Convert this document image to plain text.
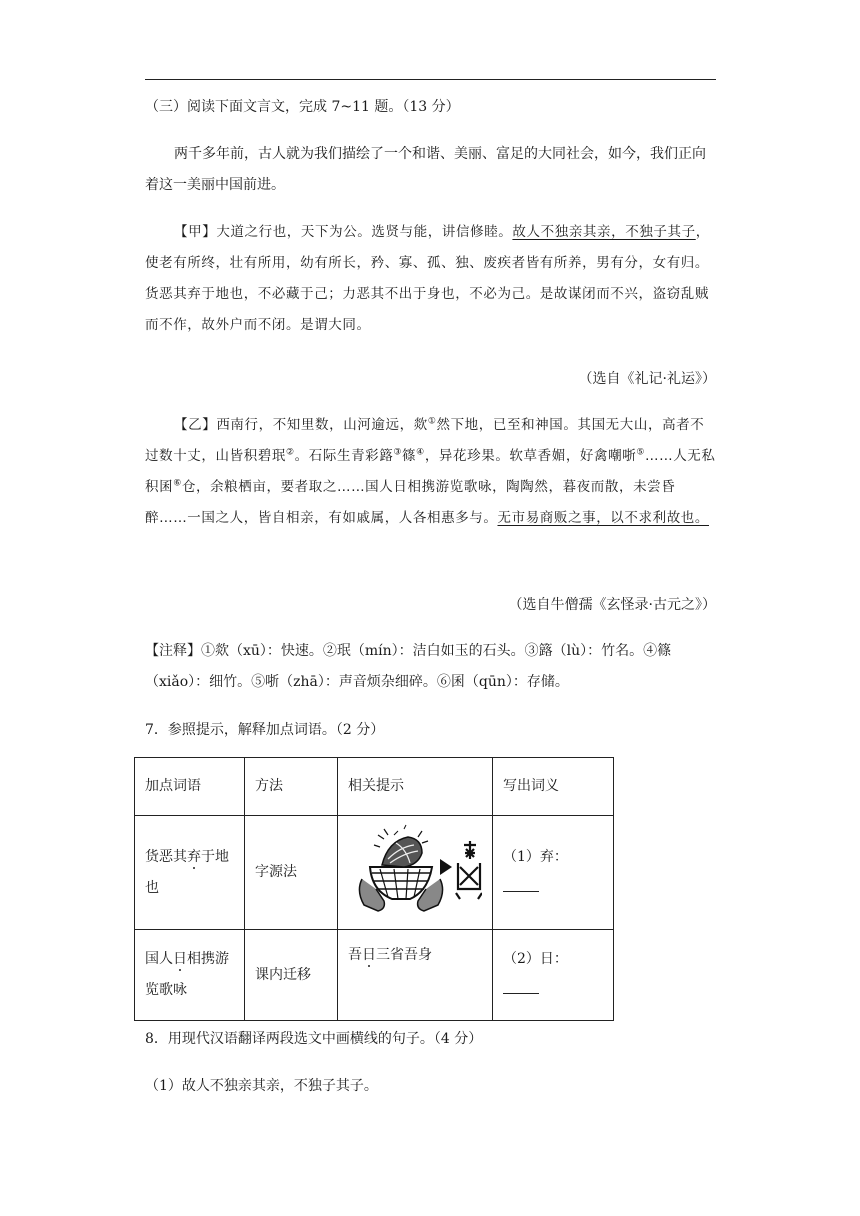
（三）阅读下面文言文，完成 7~11 题。（13 分）

两千多年前，古人就为我们描绘了一个和谐、美丽、富足的大同社会，如今，我们正向着这一美丽中国前进。

【甲】大道之行也，天下为公。选贤与能，讲信修睦。故人不独亲其亲，不独子其子，使老有所终，壮有所用，幼有所长，矜、寡、孤、独、废疾者皆有所养，男有分，女有归。货恶其弃于地也，不必藏于己；力恶其不出于身也，不必为己。是故谋闭而不兴，盗窃乱贼而不作，故外户而不闭。是谓大同。

（选自《礼记·礼运》）

【乙】西南行，不知里数，山河逾远，欻①然下地，已至和神国。其国无大山，高者不过数十丈，山皆积碧珉②。石际生青彩簬③篠④，异花珍果。软草香媚，好禽嘲哳⑤……人无私积囷⑥仓，余粮栖亩，要者取之……国人日相携游览歌咏，陶陶然，暮夜而散，未尝昏醉……一国之人，皆自相亲，有如戚属，人各相惠多与。无市易商贩之事，以不求利故也。

（选自牛僧孺《玄怪录·古元之》）

【注释】①欻（xū）：快速。②珉（mín）：洁白如玉的石头。③簬（lù）：竹名。④篠（xiǎo）：细竹。⑤哳（zhā）：声音烦杂细碎。⑥囷（qūn）：存储。

7．参照提示，解释加点词语。（2 分）

加点词语	方法	相关提示	写出词义
货恶其弃于地也	字源法		（1）弃：
国人日相携游览歌咏	课内迁移	吾日三省吾身	（2）日：

8．用现代汉语翻译两段选文中画横线的句子。（4 分）

（1）故人不独亲其亲，不独子其子。
